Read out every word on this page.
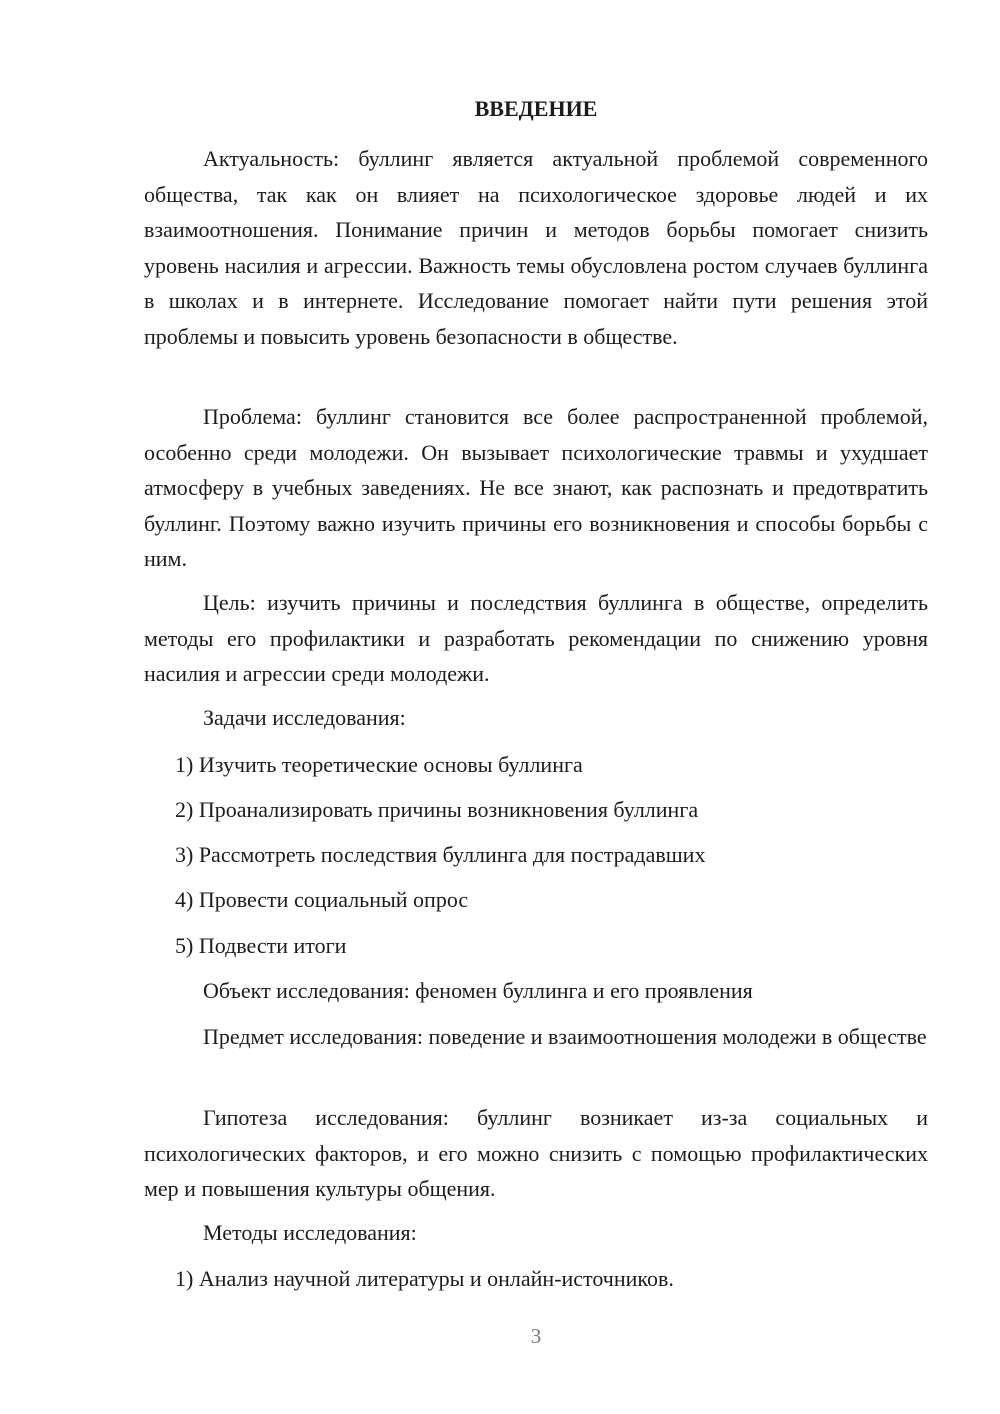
ВВЕДЕНИЕ

Актуальность: буллинг является актуальной проблемой современного общества, так как он влияет на психологическое здоровье людей и их взаимоотношения. Понимание причин и методов борьбы помогает снизить уровень насилия и агрессии. Важность темы обусловлена ростом случаев буллинга в школах и в интернете. Исследование помогает найти пути решения этой проблемы и повысить уровень безопасности в обществе.

Проблема: буллинг становится все более распространенной проблемой, особенно среди молодежи. Он вызывает психологические травмы и ухудшает атмосферу в учебных заведениях. Не все знают, как распознать и предотвратить буллинг. Поэтому важно изучить причины его возникновения и способы борьбы с ним.

Цель: изучить причины и последствия буллинга в обществе, определить методы его профилактики и разработать рекомендации по снижению уровня насилия и агрессии среди молодежи.

Задачи исследования:

1) Изучить теоретические основы буллинга

2) Проанализировать причины возникновения буллинга

3) Рассмотреть последствия буллинга для пострадавших

4) Провести социальный опрос

5) Подвести итоги

Объект исследования: феномен буллинга и его проявления

Предмет исследования: поведение и взаимоотношения молодежи в обществе

Гипотеза исследования: буллинг возникает из-за социальных и психологических факторов, и его можно снизить с помощью профилактических мер и повышения культуры общения.

Методы исследования:

1) Анализ научной литературы и онлайн-источников.

3
